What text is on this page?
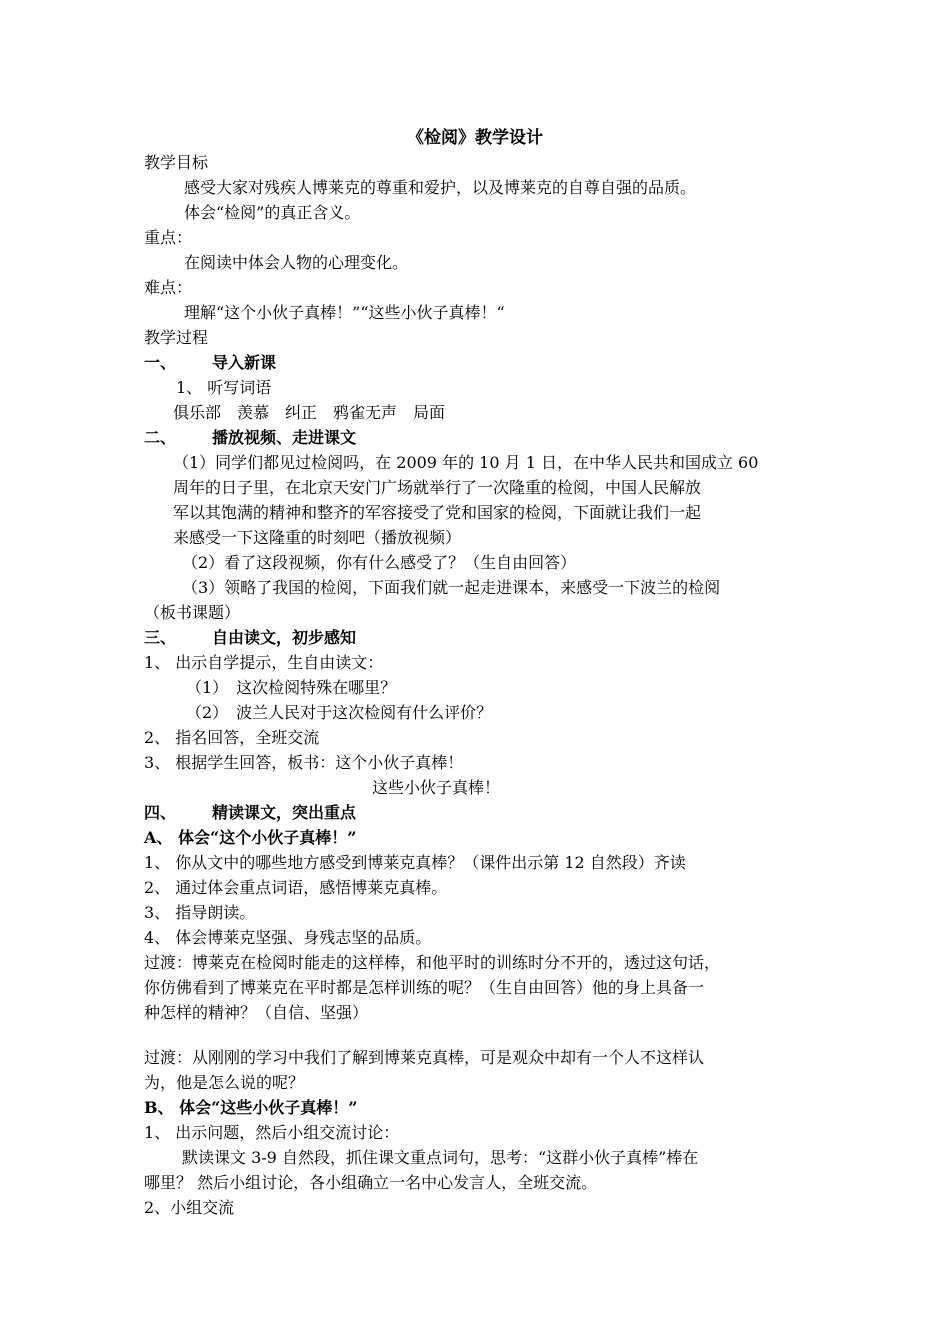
《检阅》教学设计
教学目标
感受大家对残疾人博莱克的尊重和爱护，以及博莱克的自尊自强的品质。
体会“检阅”的真正含义。
重点：
在阅读中体会人物的心理变化。
难点：
理解“这个小伙子真棒！”“这些小伙子真棒！“
教学过程
一、 导入新课
1、 听写词语
俱乐部　羡慕　纠正　鸦雀无声　局面
二、 播放视频、走进课文
（1）同学们都见过检阅吗，在 2009 年的 10 月 1 日，在中华人民共和国成立 60
周年的日子里，在北京天安门广场就举行了一次隆重的检阅，中国人民解放
军以其饱满的精神和整齐的军容接受了党和国家的检阅，下面就让我们一起
来感受一下这隆重的时刻吧（播放视频）
（2）看了这段视频，你有什么感受了？（生自由回答）
（3）领略了我国的检阅，下面我们就一起走进课本，来感受一下波兰的检阅
（板书课题）
三、 自由读文，初步感知
1、 出示自学提示，生自由读文：
（1）　这次检阅特殊在哪里？
（2）　波兰人民对于这次检阅有什么评价？
2、 指名回答，全班交流
3、 根据学生回答，板书：这个小伙子真棒！
这些小伙子真棒！
四、 精读课文，突出重点
A、 体会“这个小伙子真棒！”
1、 你从文中的哪些地方感受到博莱克真棒？（课件出示第 12 自然段）齐读
2、 通过体会重点词语，感悟博莱克真棒。
3、 指导朗读。
4、 体会博莱克坚强、身残志坚的品质。
过渡：博莱克在检阅时能走的这样棒，和他平时的训练时分不开的，透过这句话，
你仿佛看到了博莱克在平时都是怎样训练的呢？（生自由回答）他的身上具备一
种怎样的精神？（自信、坚强）
过渡：从刚刚的学习中我们了解到博莱克真棒，可是观众中却有一个人不这样认
为，他是怎么说的呢？
B、 体会“这些小伙子真棒！”
1、 出示问题，然后小组交流讨论：
默读课文 3-9 自然段，抓住课文重点词句，思考：“这群小伙子真棒”棒在
哪里？ 然后小组讨论，各小组确立一名中心发言人，全班交流。
2、小组交流
